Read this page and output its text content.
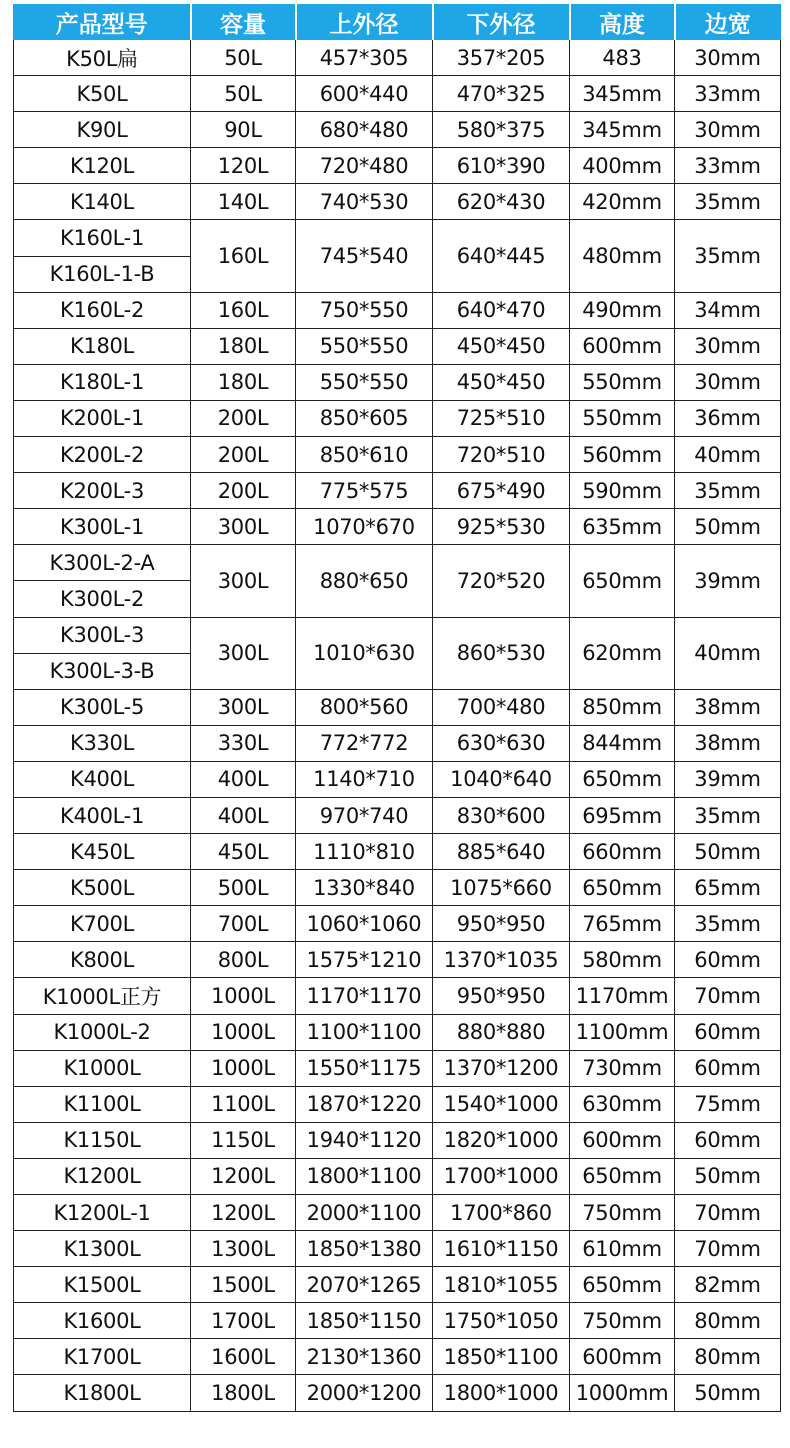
产品型号	容量	上外径	下外径	高度	边宽
K50L扁	50L	457*305	357*205	483	30mm
K50L	50L	600*440	470*325	345mm	33mm
K90L	90L	680*480	580*375	345mm	30mm
K120L	120L	720*480	610*390	400mm	33mm
K140L	140L	740*530	620*430	420mm	35mm
K160L-1	160L	745*540	640*445	480mm	35mm
K160L-1-B					
K160L-2	160L	750*550	640*470	490mm	34mm
K180L	180L	550*550	450*450	600mm	30mm
K180L-1	180L	550*550	450*450	550mm	30mm
K200L-1	200L	850*605	725*510	550mm	36mm
K200L-2	200L	850*610	720*510	560mm	40mm
K200L-3	200L	775*575	675*490	590mm	35mm
K300L-1	300L	1070*670	925*530	635mm	50mm
K300L-2-A	300L	880*650	720*520	650mm	39mm
K300L-2					
K300L-3	300L	1010*630	860*530	620mm	40mm
K300L-3-B					
K300L-5	300L	800*560	700*480	850mm	38mm
K330L	330L	772*772	630*630	844mm	38mm
K400L	400L	1140*710	1040*640	650mm	39mm
K400L-1	400L	970*740	830*600	695mm	35mm
K450L	450L	1110*810	885*640	660mm	50mm
K500L	500L	1330*840	1075*660	650mm	65mm
K700L	700L	1060*1060	950*950	765mm	35mm
K800L	800L	1575*1210	1370*1035	580mm	60mm
K1000L正方	1000L	1170*1170	950*950	1170mm	70mm
K1000L-2	1000L	1100*1100	880*880	1100mm	60mm
K1000L	1000L	1550*1175	1370*1200	730mm	60mm
K1100L	1100L	1870*1220	1540*1000	630mm	75mm
K1150L	1150L	1940*1120	1820*1000	600mm	60mm
K1200L	1200L	1800*1100	1700*1000	650mm	50mm
K1200L-1	1200L	2000*1100	1700*860	750mm	70mm
K1300L	1300L	1850*1380	1610*1150	610mm	70mm
K1500L	1500L	2070*1265	1810*1055	650mm	82mm
K1600L	1700L	1850*1150	1750*1050	750mm	80mm
K1700L	1600L	2130*1360	1850*1100	600mm	80mm
K1800L	1800L	2000*1200	1800*1000	1000mm	50mm
